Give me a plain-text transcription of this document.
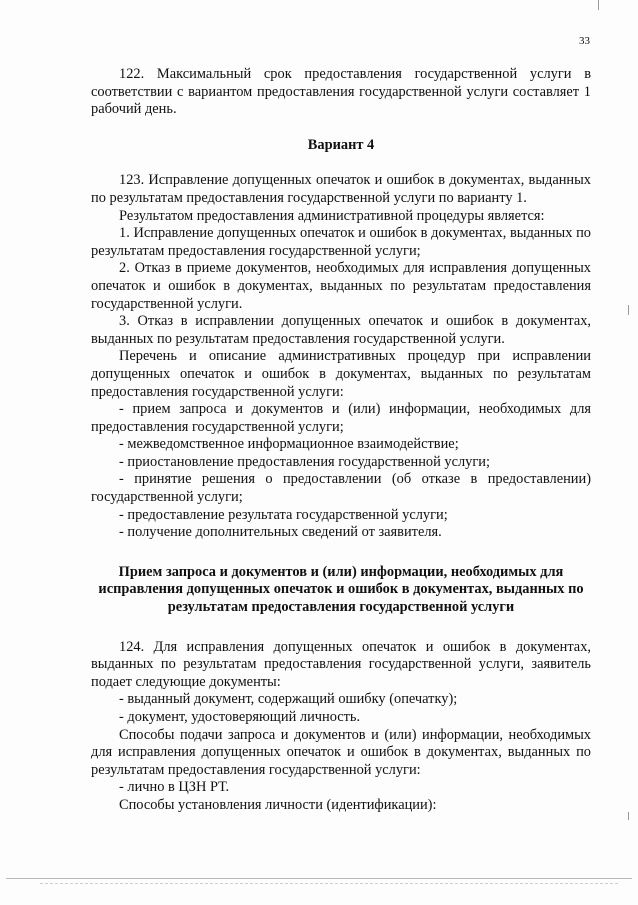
33

122. Максимальный срок предоставления государственной услуги в соответствии с вариантом предоставления государственной услуги составляет 1 рабочий день.

Вариант 4

123. Исправление допущенных опечаток и ошибок в документах, выданных по результатам предоставления государственной услуги по варианту 1.

Результатом предоставления административной процедуры является:

1. Исправление допущенных опечаток и ошибок в документах, выданных по результатам предоставления государственной услуги;

2. Отказ в приеме документов, необходимых для исправления допущенных опечаток и ошибок в документах, выданных по результатам предоставления государственной услуги.

3. Отказ в исправлении допущенных опечаток и ошибок в документах, выданных по результатам предоставления государственной услуги.

Перечень и описание административных процедур при исправлении допущенных опечаток и ошибок в документах, выданных по результатам предоставления государственной услуги:

- прием запроса и документов и (или) информации, необходимых для предоставления государственной услуги;

- межведомственное информационное взаимодействие;

- приостановление предоставления государственной услуги;

- принятие решения о предоставлении (об отказе в предоставлении) государственной услуги;

- предоставление результата государственной услуги;

- получение дополнительных сведений от заявителя.

Прием запроса и документов и (или) информации, необходимых для исправления допущенных опечаток и ошибок в документах, выданных по результатам предоставления государственной услуги

124. Для исправления допущенных опечаток и ошибок в документах, выданных по результатам предоставления государственной услуги, заявитель подает следующие документы:

- выданный документ, содержащий ошибку (опечатку);

- документ, удостоверяющий личность.

Способы подачи запроса и документов и (или) информации, необходимых для исправления допущенных опечаток и ошибок в документах, выданных по результатам предоставления государственной услуги:

- лично в ЦЗН РТ.

Способы установления личности (идентификации):
